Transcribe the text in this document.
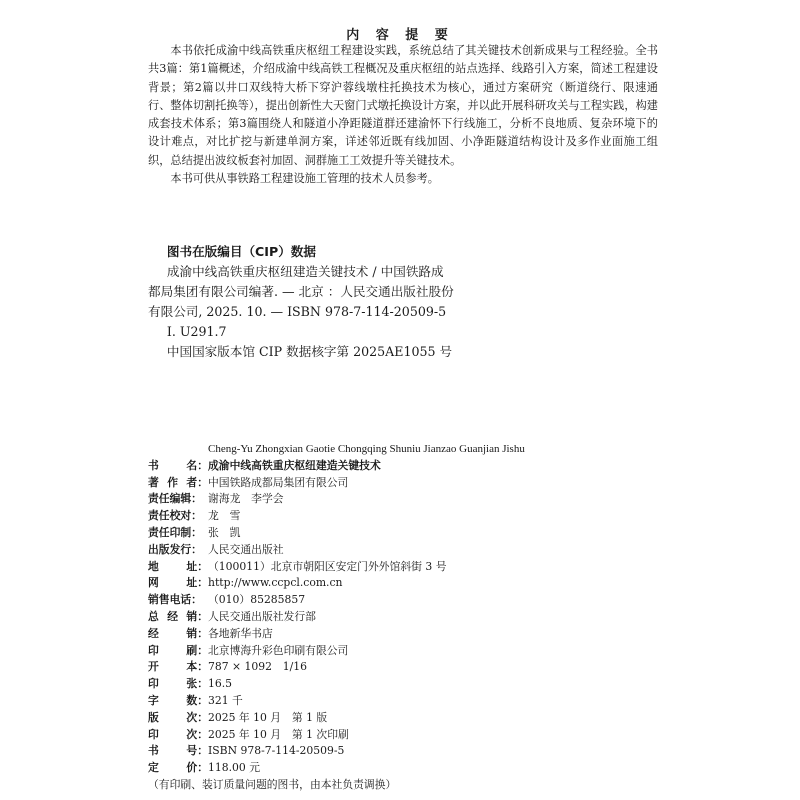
内 容 提 要

本书依托成渝中线高铁重庆枢纽工程建设实践，系统总结了其关键技术创新成果与工程经验。全书共3篇：第1篇概述，介绍成渝中线高铁工程概况及重庆枢纽的站点选择、线路引入方案，简述工程建设背景；第2篇以井口双线特大桥下穿沪蓉线墩柱托换技术为核心，通过方案研究（断道绕行、限速通行、整体切割托换等），提出创新性大天窗门式墩托换设计方案，并以此开展科研攻关与工程实践，构建成套技术体系；第3篇围绕人和隧道小净距隧道群还建渝怀下行线施工，分析不良地质、复杂环境下的设计难点，对比扩挖与新建单洞方案，详述邻近既有线加固、小净距隧道结构设计及多作业面施工组织，总结提出波纹板套衬加固、洞群施工工效提升等关键技术。

本书可供从事铁路工程建设施工管理的技术人员参考。

图书在版编目（CIP）数据
成渝中线高铁重庆枢纽建造关键技术 / 中国铁路成
都局集团有限公司编著. — 北京 ：人民交通出版社股份
有限公司, 2025. 10. — ISBN 978-7-114-20509-5
Ⅰ. U291.7
中国国家版本馆 CIP 数据核字第 2025AE1055 号
Cheng-Yu Zhongxian Gaotie Chongqing Shuniu Jianzao Guanjian Jishu
书	名： 成渝中线高铁重庆枢纽建造关键技术
著 作 者： 中国铁路成都局集团有限公司
责任编辑： 谢海龙　李学会
责任校对： 龙　雪
责任印制： 张　凯
出版发行： 人民交通出版社
地	址： （100011）北京市朝阳区安定门外外馆斜街 3 号
网	址： http://www.ccpcl.com.cn
销售电话： （010）85285857
总 经 销： 人民交通出版社发行部
经	销： 各地新华书店
印	刷： 北京博海升彩色印刷有限公司
开	本： 787 × 1092　1/16
印	张： 16.5
字	数： 321 千
版	次： 2025 年 10 月　第 1 版
印	次： 2025 年 10 月　第 1 次印刷
书	号： ISBN 978-7-114-20509-5
定	价： 118.00 元
（有印刷、装订质量问题的图书，由本社负责调换）
